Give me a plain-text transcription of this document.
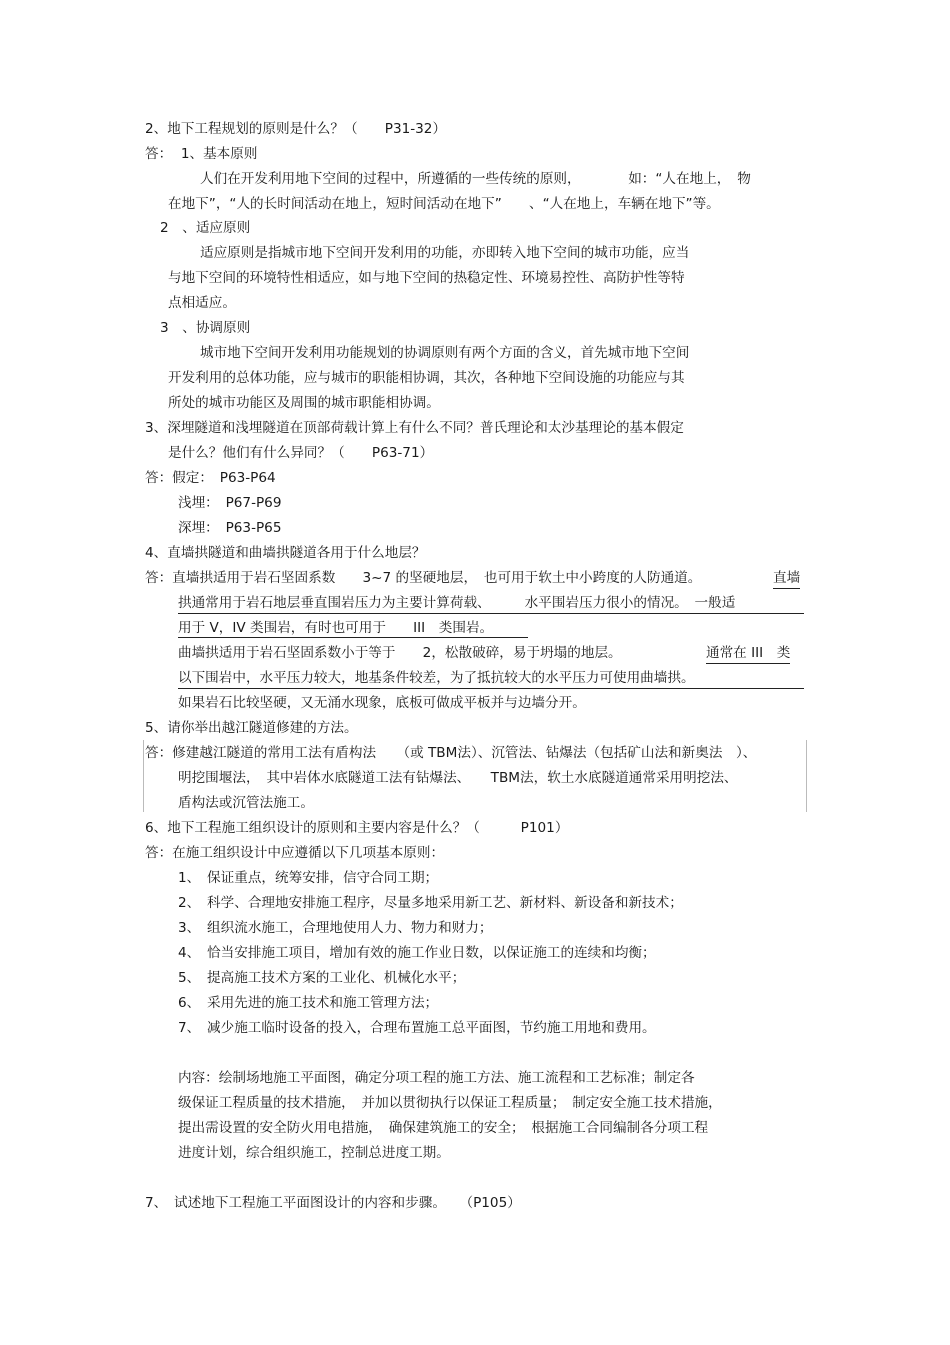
2、地下工程规划的原则是什么？（　　P31-32）
答：  1、基本原则
人们在开发利用地下空间的过程中，所遵循的一些传统的原则，　　　　如：“人在地上，　物
在地下”，“人的长时间活动在地上，短时间活动在地下”　　、“人在地上，车辆在地下”等。
2　、适应原则
适应原则是指城市地下空间开发利用的功能，亦即转入地下空间的城市功能，应当
与地下空间的环境特性相适应，如与地下空间的热稳定性、环境易控性、高防护性等特
点相适应。
3　、协调原则
城市地下空间开发利用功能规划的协调原则有两个方面的含义，首先城市地下空间
开发利用的总体功能，应与城市的职能相协调，其次，各种地下空间设施的功能应与其
所处的城市功能区及周围的城市职能相协调。
3、深埋隧道和浅埋隧道在顶部荷载计算上有什么不同？普氏理论和太沙基理论的基本假定
是什么？他们有什么异同？（　　P63-71）
答：假定：　P63-P64
浅埋：　P67-P69
深埋：　P63-P65
4、直墙拱隧道和曲墙拱隧道各用于什么地层？
答：直墙拱适用于岩石坚固系数　　3~7 的坚硬地层，　也可用于软土中小跨度的人防通道。	直墙
拱通常用于岩石地层垂直围岩压力为主要计算荷载、　　　水平围岩压力很小的情况。　一般适
用于 V，IV 类围岩，有时也可用于　　III　类围岩。
曲墙拱适用于岩石坚固系数小于等于　　2，松散破碎，易于坍塌的地层。	通常在 III　类
以下围岩中，水平压力较大，地基条件较差，为了抵抗较大的水平压力可使用曲墙拱。
如果岩石比较坚硬，又无涌水现象，底板可做成平板并与边墙分开。
5、请你举出越江隧道修建的方法。
答：修建越江隧道的常用工法有盾构法　　（或 TBM法）、沉管法、钻爆法（包括矿山法和新奥法　）、
明挖围堰法，　其中岩体水底隧道工法有钻爆法、　　TBM法，软土水底隧道通常采用明挖法、
盾构法或沉管法施工。
6、地下工程施工组织设计的原则和主要内容是什么？（　　　P101）
答：在施工组织设计中应遵循以下几项基本原则：
1、　保证重点，统筹安排，信守合同工期；
2、　科学、合理地安排施工程序，尽量多地采用新工艺、新材料、新设备和新技术；
3、　组织流水施工，合理地使用人力、物力和财力；
4、　恰当安排施工项目，增加有效的施工作业日数，以保证施工的连续和均衡；
5、　提高施工技术方案的工业化、机械化水平；
6、　采用先进的施工技术和施工管理方法；
7、　减少施工临时设备的投入，合理布置施工总平面图，节约施工用地和费用。
内容：绘制场地施工平面图，确定分项工程的施工方法、施工流程和工艺标准；制定各
级保证工程质量的技术措施，　并加以贯彻执行以保证工程质量；　制定安全施工技术措施，
提出需设置的安全防火用电措施，　确保建筑施工的安全；　根据施工合同编制各分项工程
进度计划，综合组织施工，控制总进度工期。
7、　试述地下工程施工平面图设计的内容和步骤。　　（P105）
